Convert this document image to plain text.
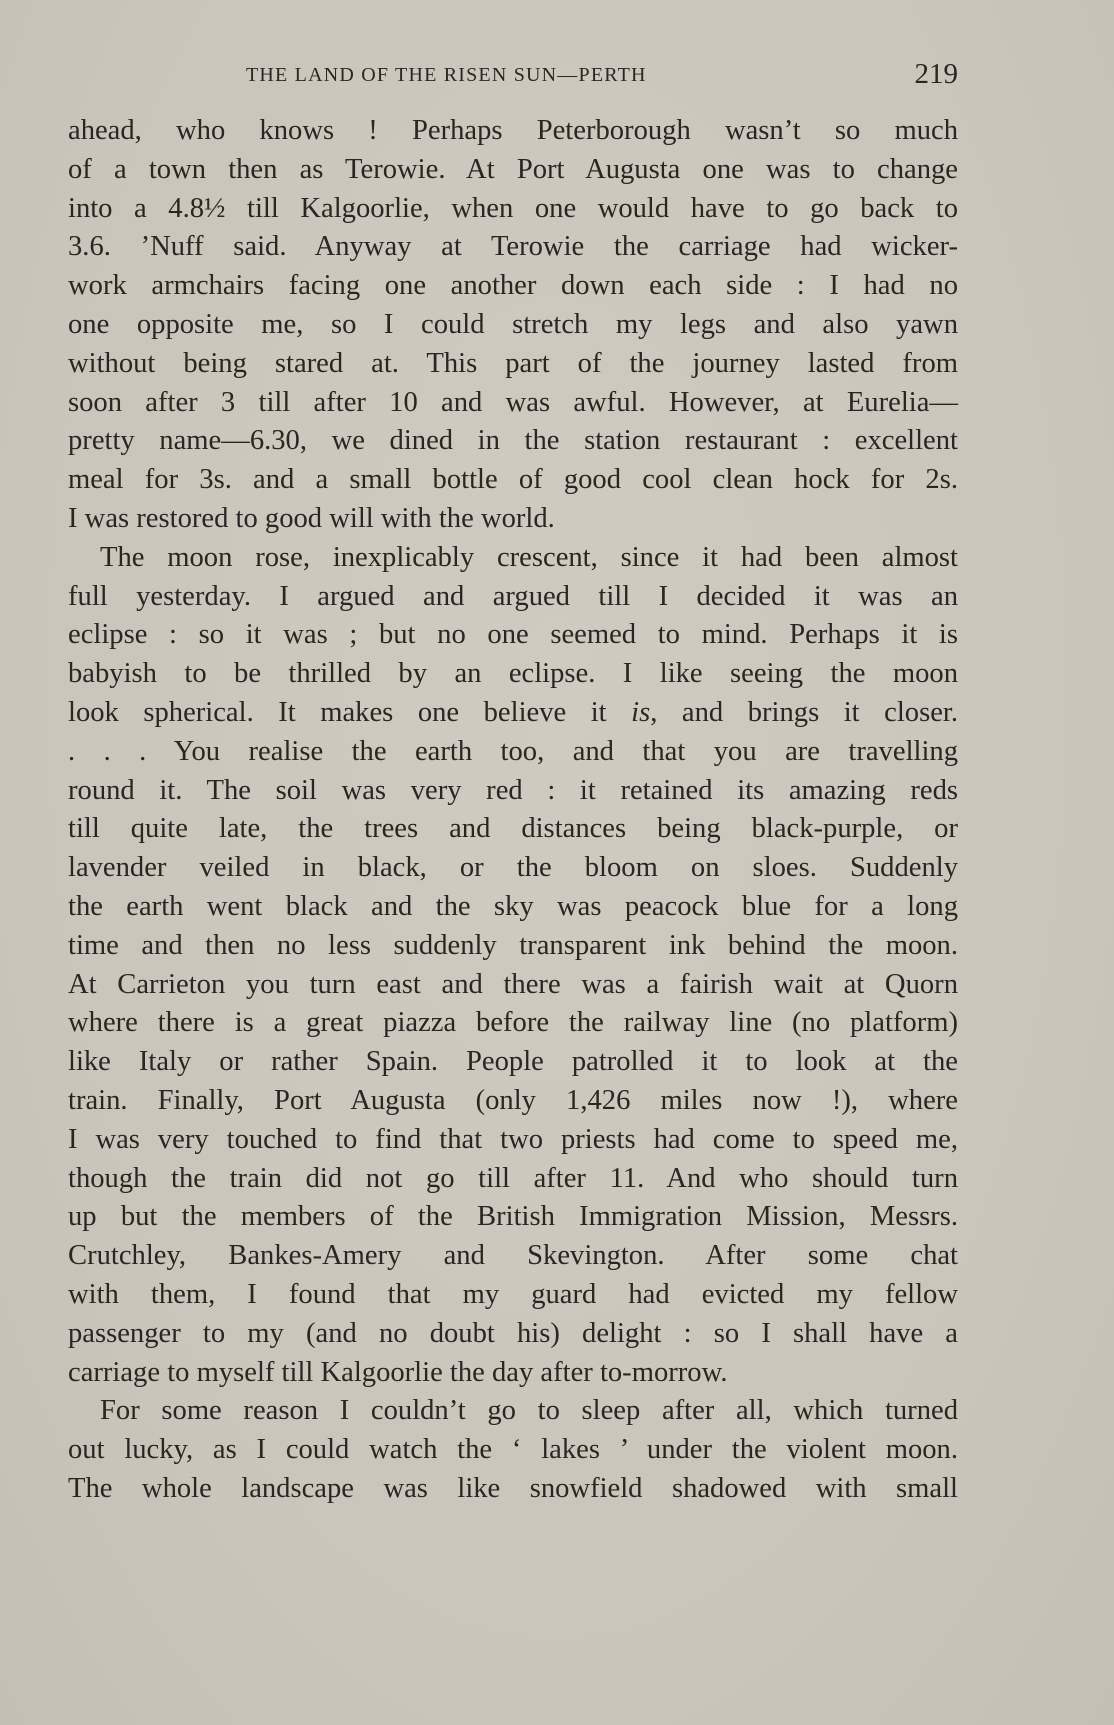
THE LAND OF THE RISEN SUN—PERTH	219
ahead, who knows ! Perhaps Peterborough wasn’t so much
of a town then as Terowie. At Port Augusta one was to change
into a 4.8½ till Kalgoorlie, when one would have to go back to
3.6. ’Nuff said. Anyway at Terowie the carriage had wicker-
work armchairs facing one another down each side : I had no
one opposite me, so I could stretch my legs and also yawn
without being stared at. This part of the journey lasted from
soon after 3 till after 10 and was awful. However, at Eurelia—
pretty name—6.30, we dined in the station restaurant : excellent
meal for 3s. and a small bottle of good cool clean hock for 2s.
I was restored to good will with the world.
The moon rose, inexplicably crescent, since it had been almost
full yesterday. I argued and argued till I decided it was an
eclipse : so it was ; but no one seemed to mind. Perhaps it is
babyish to be thrilled by an eclipse. I like seeing the moon
look spherical. It makes one believe it is, and brings it closer.
. . . You realise the earth too, and that you are travelling
round it. The soil was very red : it retained its amazing reds
till quite late, the trees and distances being black-purple, or
lavender veiled in black, or the bloom on sloes. Suddenly
the earth went black and the sky was peacock blue for a long
time and then no less suddenly transparent ink behind the moon.
At Carrieton you turn east and there was a fairish wait at Quorn
where there is a great piazza before the railway line (no platform)
like Italy or rather Spain. People patrolled it to look at the
train. Finally, Port Augusta (only 1,426 miles now !), where
I was very touched to find that two priests had come to speed me,
though the train did not go till after 11. And who should turn
up but the members of the British Immigration Mission, Messrs.
Crutchley, Bankes-Amery and Skevington. After some chat
with them, I found that my guard had evicted my fellow
passenger to my (and no doubt his) delight : so I shall have a
carriage to myself till Kalgoorlie the day after to-morrow.
For some reason I couldn’t go to sleep after all, which turned
out lucky, as I could watch the ‘ lakes ’ under the violent moon.
The whole landscape was like snowfield shadowed with small
